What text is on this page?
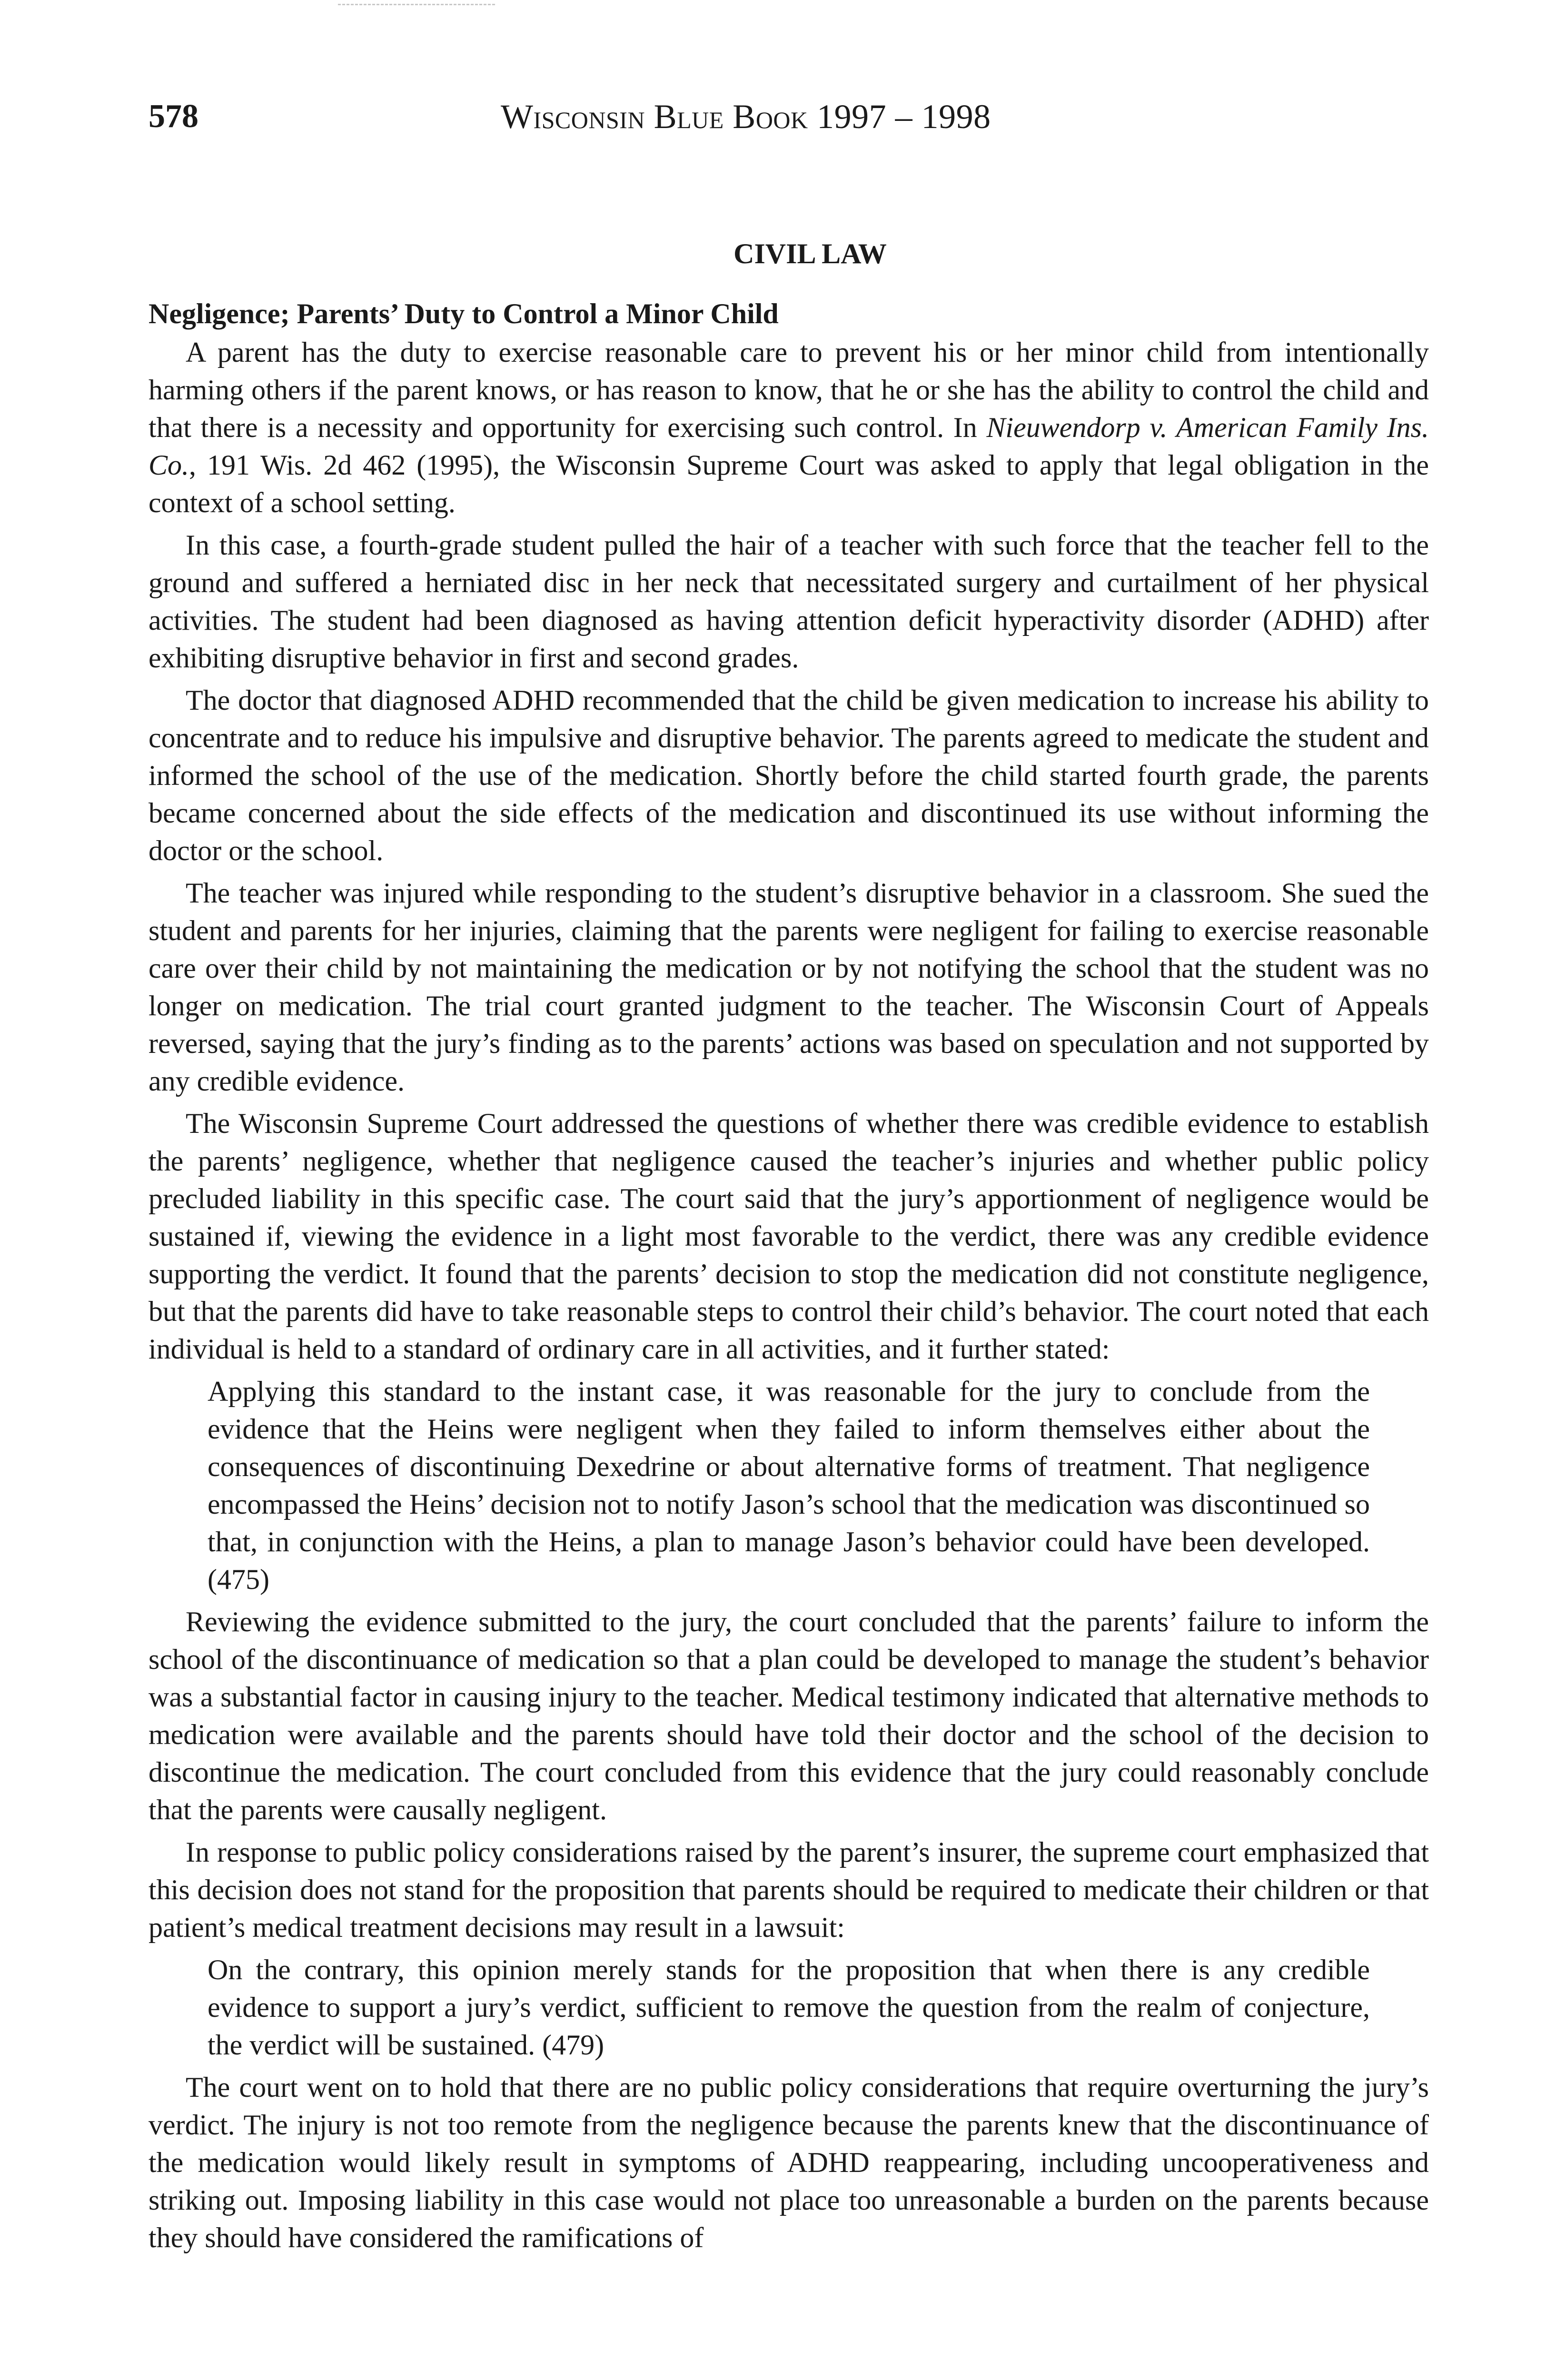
578	Wisconsin Blue Book 1997 – 1998
CIVIL LAW
Negligence; Parents’ Duty to Control a Minor Child

A parent has the duty to exercise reasonable care to prevent his or her minor child from intentionally harming others if the parent knows, or has reason to know, that he or she has the ability to control the child and that there is a necessity and opportunity for exercising such control. In Nieuwendorp v. American Family Ins. Co., 191 Wis. 2d 462 (1995), the Wisconsin Supreme Court was asked to apply that legal obligation in the context of a school setting.

In this case, a fourth-grade student pulled the hair of a teacher with such force that the teacher fell to the ground and suffered a herniated disc in her neck that necessitated surgery and curtailment of her physical activities. The student had been diagnosed as having attention deficit hyperactivity disorder (ADHD) after exhibiting disruptive behavior in first and second grades.

The doctor that diagnosed ADHD recommended that the child be given medication to increase his ability to concentrate and to reduce his impulsive and disruptive behavior. The parents agreed to medicate the student and informed the school of the use of the medication. Shortly before the child started fourth grade, the parents became concerned about the side effects of the medication and discontinued its use without informing the doctor or the school.

The teacher was injured while responding to the student’s disruptive behavior in a classroom. She sued the student and parents for her injuries, claiming that the parents were negligent for failing to exercise reasonable care over their child by not maintaining the medication or by not notifying the school that the student was no longer on medication. The trial court granted judgment to the teacher. The Wisconsin Court of Appeals reversed, saying that the jury’s finding as to the parents’ actions was based on speculation and not supported by any credible evidence.

The Wisconsin Supreme Court addressed the questions of whether there was credible evidence to establish the parents’ negligence, whether that negligence caused the teacher’s injuries and whether public policy precluded liability in this specific case. The court said that the jury’s apportionment of negligence would be sustained if, viewing the evidence in a light most favorable to the verdict, there was any credible evidence supporting the verdict. It found that the parents’ decision to stop the medication did not constitute negligence, but that the parents did have to take reasonable steps to control their child’s behavior. The court noted that each individual is held to a standard of ordinary care in all activities, and it further stated:

Applying this standard to the instant case, it was reasonable for the jury to conclude from the evidence that the Heins were negligent when they failed to inform themselves either about the consequences of discontinuing Dexedrine or about alternative forms of treatment. That negligence encompassed the Heins’ decision not to notify Jason’s school that the medication was discontinued so that, in conjunction with the Heins, a plan to manage Jason’s behavior could have been developed. (475)

Reviewing the evidence submitted to the jury, the court concluded that the parents’ failure to inform the school of the discontinuance of medication so that a plan could be developed to manage the student’s behavior was a substantial factor in causing injury to the teacher. Medical testimony indicated that alternative methods to medication were available and the parents should have told their doctor and the school of the decision to discontinue the medication. The court concluded from this evidence that the jury could reasonably conclude that the parents were causally negligent.

In response to public policy considerations raised by the parent’s insurer, the supreme court emphasized that this decision does not stand for the proposition that parents should be required to medicate their children or that patient’s medical treatment decisions may result in a lawsuit:

On the contrary, this opinion merely stands for the proposition that when there is any credible evidence to support a jury’s verdict, sufficient to remove the question from the realm of conjecture, the verdict will be sustained. (479)

The court went on to hold that there are no public policy considerations that require overturning the jury’s verdict. The injury is not too remote from the negligence because the parents knew that the discontinuance of the medication would likely result in symptoms of ADHD reappearing, including uncooperativeness and striking out. Imposing liability in this case would not place too unreasonable a burden on the parents because they should have considered the ramifications of
